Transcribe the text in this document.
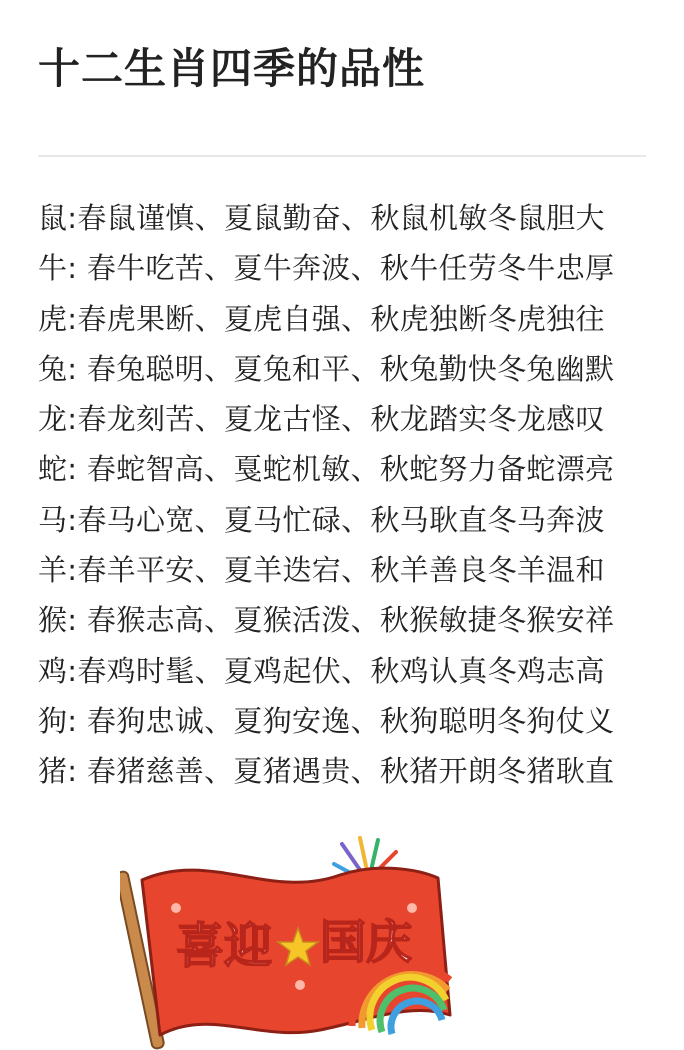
十二生肖四季的品性
鼠:春鼠谨慎、夏鼠勤奋、秋鼠机敏冬鼠胆大
牛: 春牛吃苦、夏牛奔波、秋牛任劳冬牛忠厚
虎:春虎果断、夏虎自强、秋虎独断冬虎独往
兔: 春兔聪明、夏兔和平、秋兔勤快冬兔幽默
龙:春龙刻苦、夏龙古怪、秋龙踏实冬龙感叹
蛇: 春蛇智高、戛蛇机敏、秋蛇努力备蛇漂亮
马:春马心宽、夏马忙碌、秋马耿直冬马奔波
羊:春羊平安、夏羊迭宕、秋羊善良冬羊温和
猴: 春猴志高、夏猴活泼、秋猴敏捷冬猴安祥
鸡:春鸡时髦、夏鸡起伏、秋鸡认真冬鸡志高
狗: 春狗忠诚、夏狗安逸、秋狗聪明冬狗仗义
猪: 春猪慈善、夏猪遇贵、秋猪开朗冬猪耿直
喜迎 国庆
